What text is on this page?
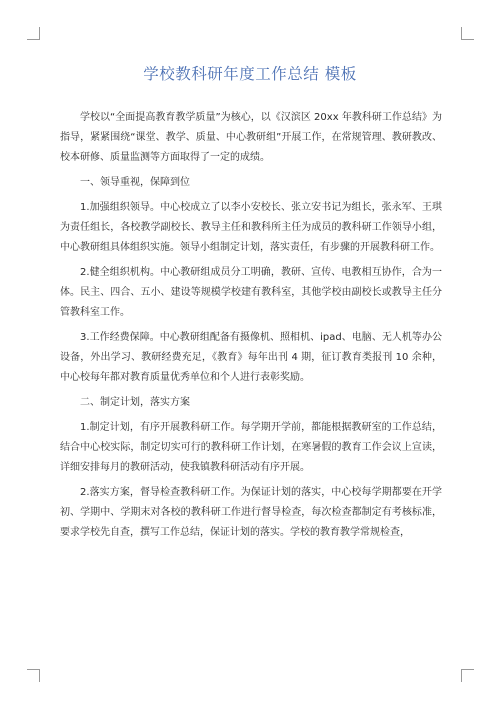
学校教科研年度工作总结 模板

学校以“全面提高教育教学质量”为核心，以《汉滨区 20xx 年教科研工作总结》为指导，紧紧围绕“课堂、教学、质量、中心教研组”开展工作，在常规管理、教研教改、校本研修、质量监测等方面取得了一定的成绩。

一、领导重视，保障到位

1.加强组织领导。中心校成立了以李小安校长、张立安书记为组长，张永军、王琪为责任组长，各校教学副校长、教导主任和教科所主任为成员的教科研工作领导小组，中心教研组具体组织实施。领导小组制定计划，落实责任，有步骤的开展教科研工作。

2.健全组织机构。中心教研组成员分工明确，教研、宣传、电教相互协作，合为一体。民主、四合、五小、建设等规模学校建有教科室，其他学校由副校长或教导主任分管教科室工作。

3.工作经费保障。中心教研组配备有摄像机、照相机、ipad、电脑、无人机等办公设备，外出学习、教研经费充足，《教育》每年出刊 4 期，征订教育类报刊 10 余种，中心校每年都对教育质量优秀单位和个人进行表彰奖励。

二、制定计划，落实方案

1.制定计划，有序开展教科研工作。每学期开学前，都能根据教研室的工作总结，结合中心校实际，制定切实可行的教科研工作计划，在寒暑假的教育工作会议上宣读，详细安排每月的教研活动，使我镇教科研活动有序开展。

2.落实方案，督导检查教科研工作。为保证计划的落实，中心校每学期都要在开学初、学期中、学期末对各校的教科研工作进行督导检查，每次检查都制定有考核标准，要求学校先自查，撰写工作总结，保证计划的落实。学校的教育教学常规检查，
